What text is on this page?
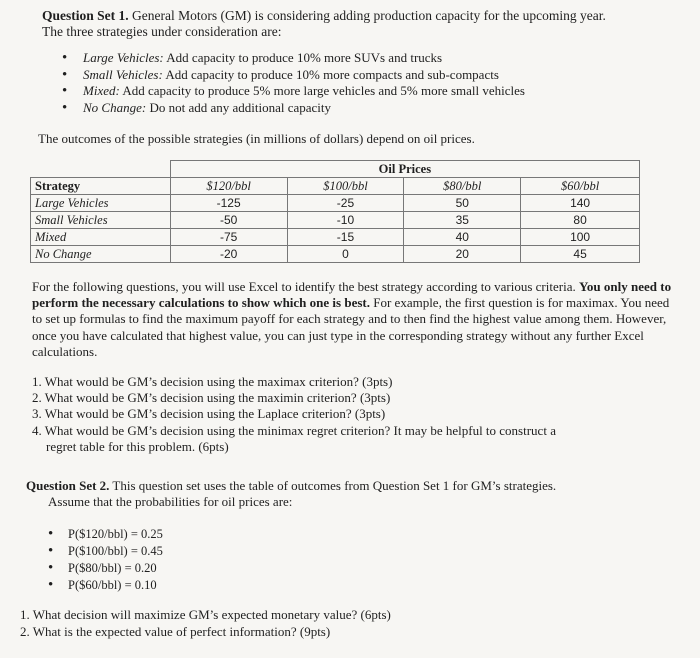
Question Set 1. General Motors (GM) is considering adding production capacity for the upcoming year.
The three strategies under consideration are:
• Large Vehicles: Add capacity to produce 10% more SUVs and trucks
• Small Vehicles: Add capacity to produce 10% more compacts and sub-compacts
• Mixed: Add capacity to produce 5% more large vehicles and 5% more small vehicles
• No Change: Do not add any additional capacity
The outcomes of the possible strategies (in millions of dollars) depend on oil prices.
	Oil Prices			
Strategy	$120/bbl	$100/bbl	$80/bbl	$60/bbl
Large Vehicles	-125	-25	50	140
Small Vehicles	-50	-10	35	80
Mixed	-75	-15	40	100
No Change	-20	0	20	45
For the following questions, you will use Excel to identify the best strategy according to various criteria. You only need to perform the necessary calculations to show which one is best. For example, the first question is for maximax. You need to set up formulas to find the maximum payoff for each strategy and to then find the highest value among them. However, once you have calculated that highest value, you can just type in the corresponding strategy without any further Excel calculations.
1. What would be GM’s decision using the maximax criterion? (3pts)
2. What would be GM’s decision using the maximin criterion? (3pts)
3. What would be GM’s decision using the Laplace criterion? (3pts)
4. What would be GM’s decision using the minimax regret criterion? It may be helpful to construct a
regret table for this problem. (6pts)
Question Set 2. This question set uses the table of outcomes from Question Set 1 for GM’s strategies.
Assume that the probabilities for oil prices are:
• P($120/bbl) = 0.25
• P($100/bbl) = 0.45
• P($80/bbl) = 0.20
• P($60/bbl) = 0.10
1. What decision will maximize GM’s expected monetary value? (6pts)
2. What is the expected value of perfect information? (9pts)
